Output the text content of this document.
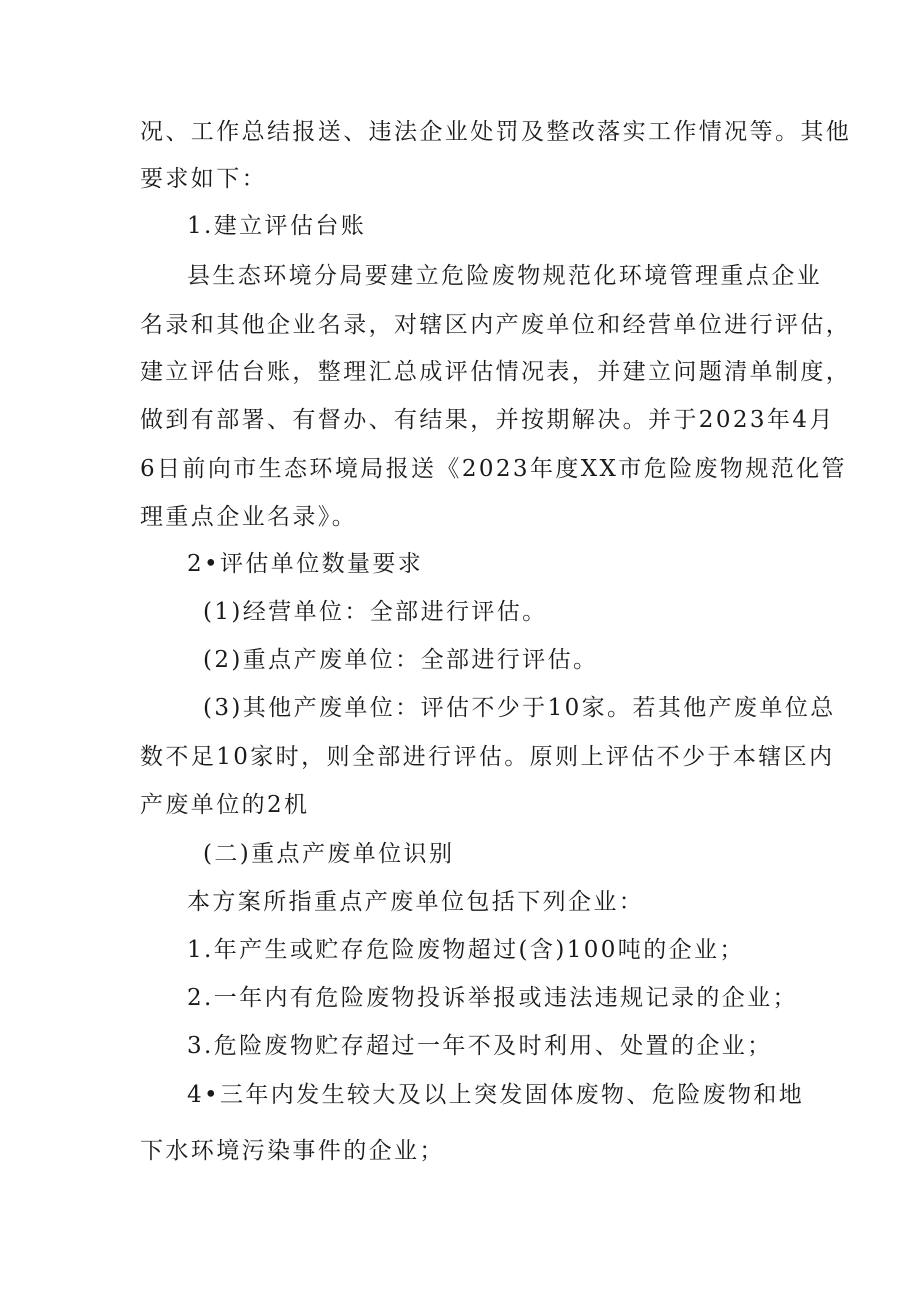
况、工作总结报送、违法企业处罚及整改落实工作情况等。其他
要求如下：
1.建立评估台账
县生态环境分局要建立危险废物规范化环境管理重点企业
名录和其他企业名录，对辖区内产废单位和经营单位进行评估，
建立评估台账，整理汇总成评估情况表，并建立问题清单制度，
做到有部署、有督办、有结果，并按期解决。并于2023年4月
6日前向市生态环境局报送《2023年度XX市危险废物规范化管
理重点企业名录》。
2•评估单位数量要求
(1)经营单位：全部进行评估。
(2)重点产废单位：全部进行评估。
(3)其他产废单位：评估不少于10家。若其他产废单位总
数不足10家时，则全部进行评估。原则上评估不少于本辖区内
产废单位的2机
(二)重点产废单位识别
本方案所指重点产废单位包括下列企业：
1.年产生或贮存危险废物超过(含)100吨的企业；
2.一年内有危险废物投诉举报或违法违规记录的企业；
3.危险废物贮存超过一年不及时利用、处置的企业；
4•三年内发生较大及以上突发固体废物、危险废物和地
下水环境污染事件的企业；
